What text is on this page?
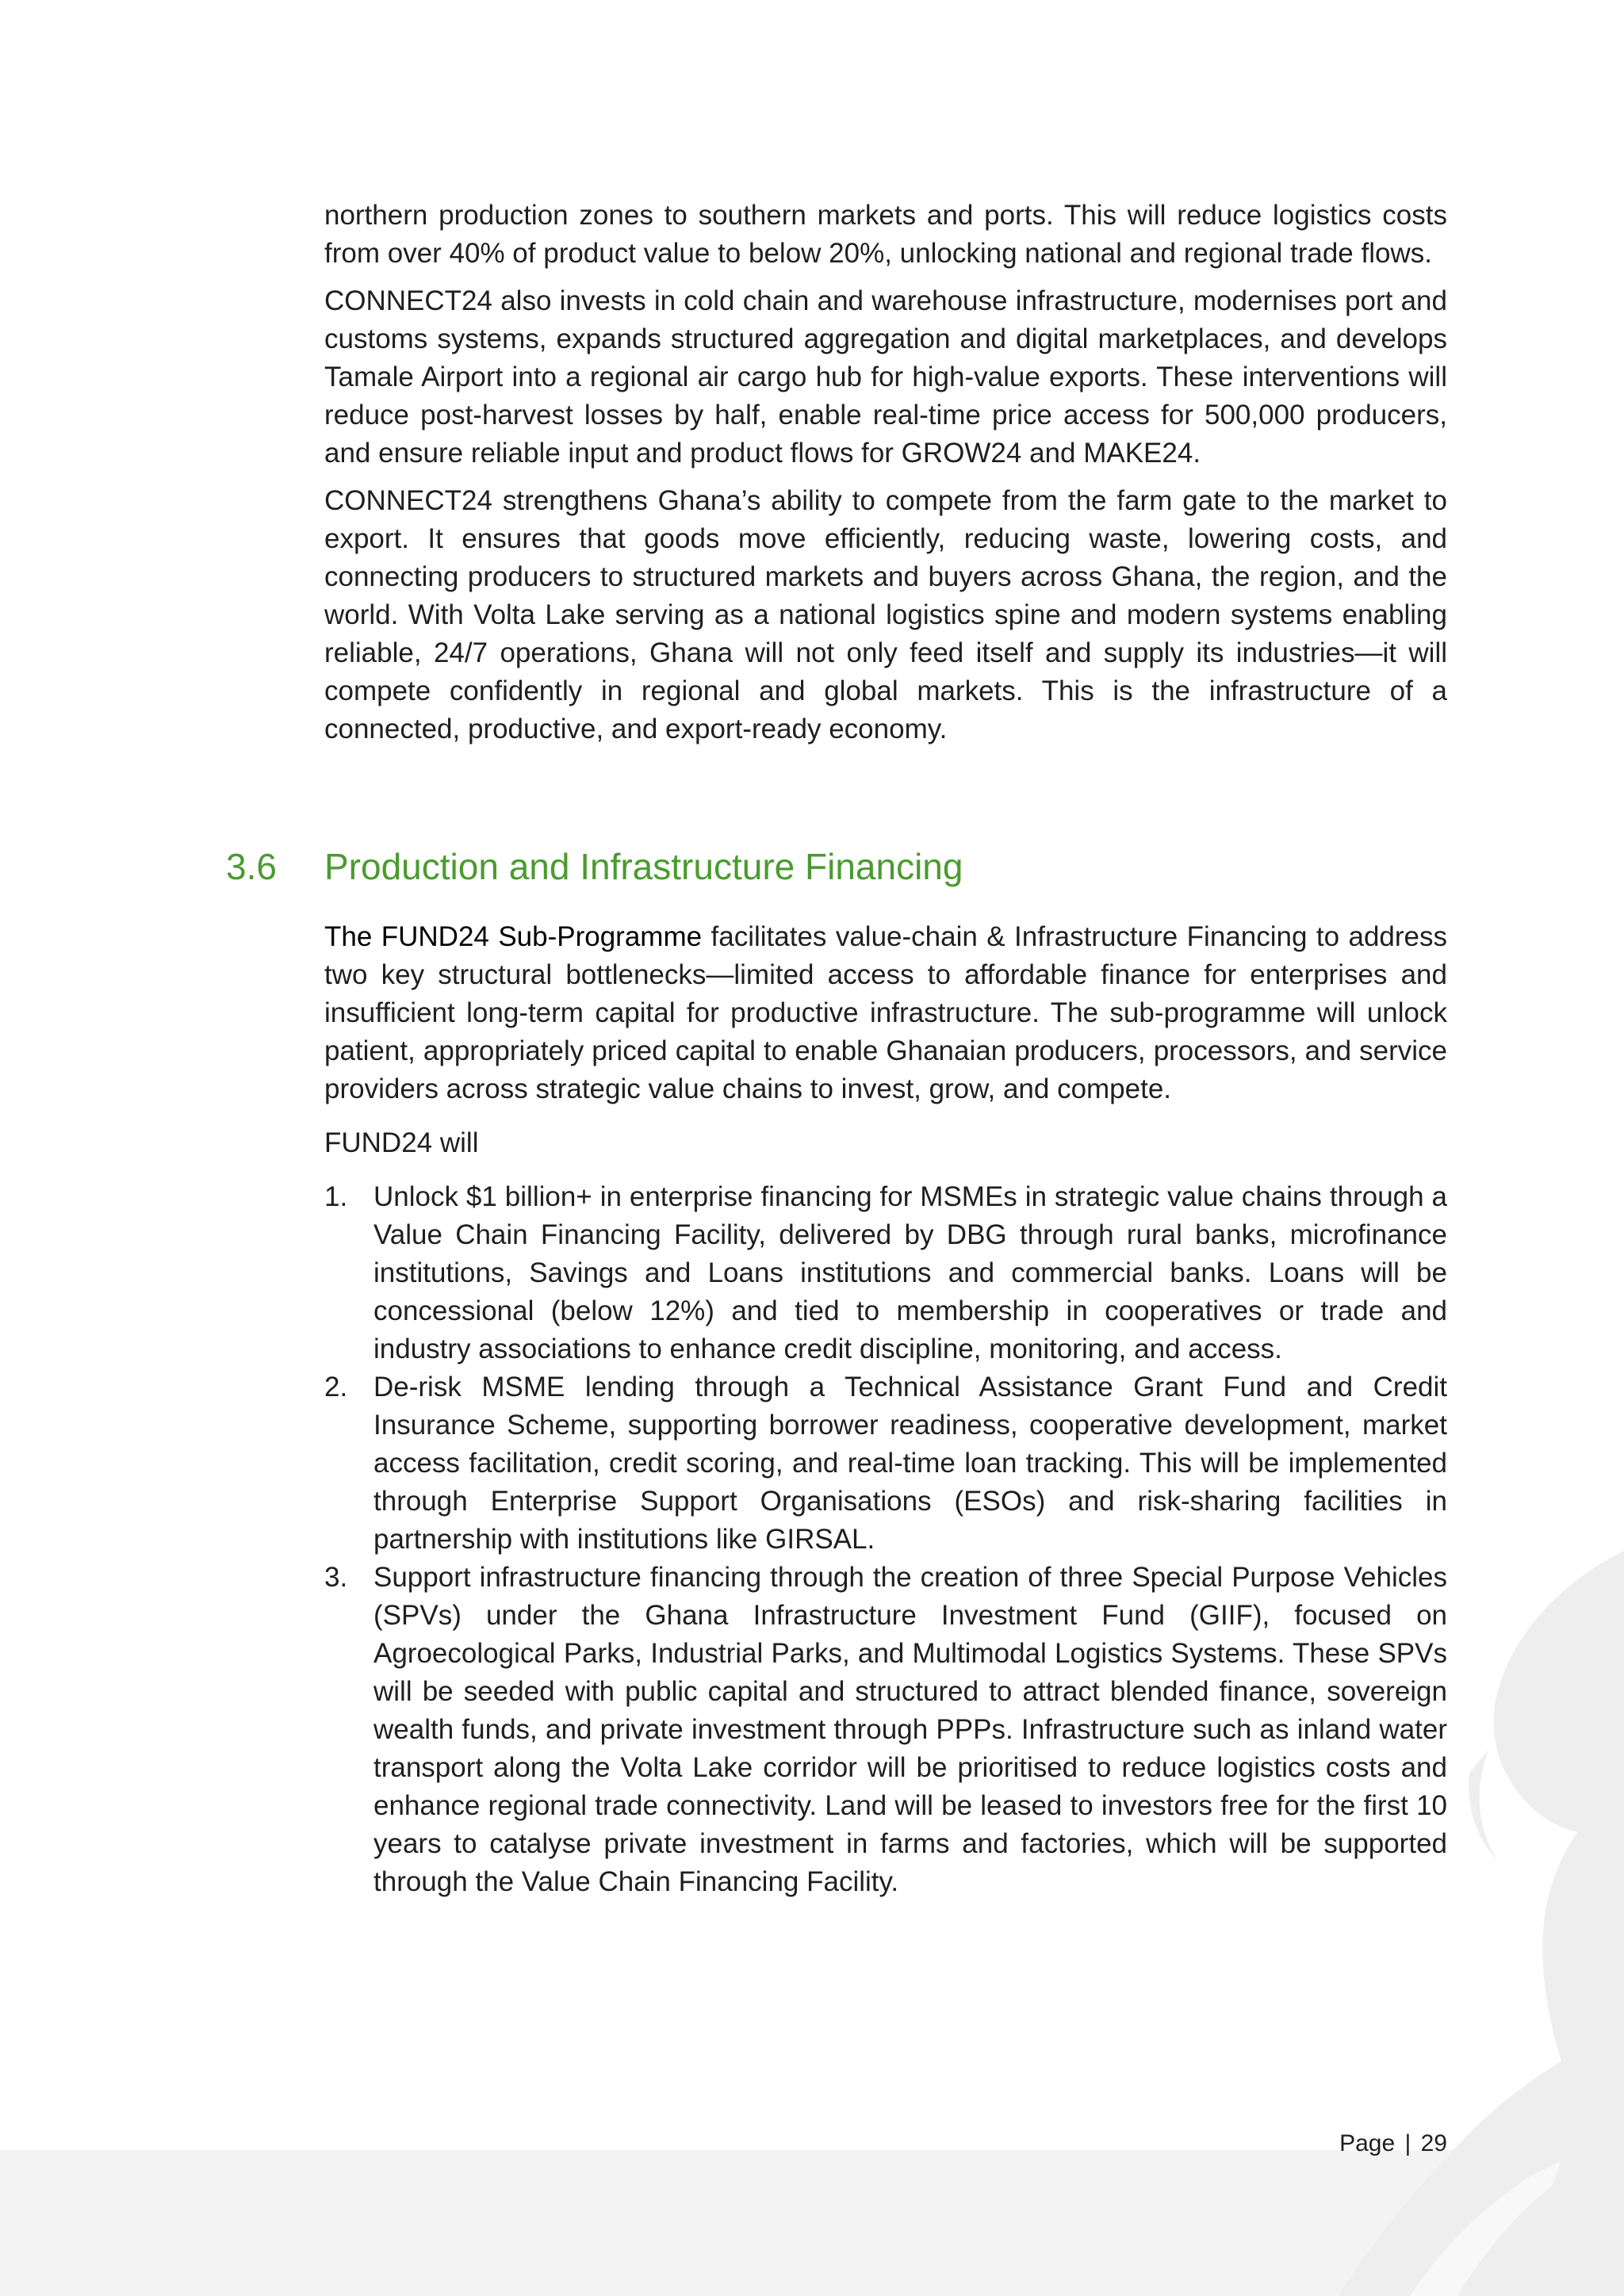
northern production zones to southern markets and ports. This will reduce logistics costs from over 40% of product value to below 20%, unlocking national and regional trade flows.

CONNECT24 also invests in cold chain and warehouse infrastructure, modernises port and customs systems, expands structured aggregation and digital marketplaces, and develops Tamale Airport into a regional air cargo hub for high-value exports. These interventions will reduce post-harvest losses by half, enable real-time price access for 500,000 producers, and ensure reliable input and product flows for GROW24 and MAKE24.

CONNECT24 strengthens Ghana’s ability to compete from the farm gate to the market to export. It ensures that goods move efficiently, reducing waste, lowering costs, and connecting producers to structured markets and buyers across Ghana, the region, and the world. With Volta Lake serving as a national logistics spine and modern systems enabling reliable, 24/7 operations, Ghana will not only feed itself and supply its industries—it will compete confidently in regional and global markets. This is the infrastructure of a connected, productive, and export-ready economy.

3.6 Production and Infrastructure Financing

The FUND24 Sub-Programme facilitates value-chain & Infrastructure Financing to address two key structural bottlenecks—limited access to affordable finance for enterprises and insufficient long-term capital for productive infrastructure. The sub-programme will unlock patient, appropriately priced capital to enable Ghanaian producers, processors, and service providers across strategic value chains to invest, grow, and compete.

FUND24 will

1. Unlock $1 billion+ in enterprise financing for MSMEs in strategic value chains through a Value Chain Financing Facility, delivered by DBG through rural banks, microfinance institutions, Savings and Loans institutions and commercial banks. Loans will be concessional (below 12%) and tied to membership in cooperatives or trade and industry associations to enhance credit discipline, monitoring, and access.
2. De-risk MSME lending through a Technical Assistance Grant Fund and Credit Insurance Scheme, supporting borrower readiness, cooperative development, market access facilitation, credit scoring, and real-time loan tracking. This will be implemented through Enterprise Support Organisations (ESOs) and risk-sharing facilities in partnership with institutions like GIRSAL.
3. Support infrastructure financing through the creation of three Special Purpose Vehicles (SPVs) under the Ghana Infrastructure Investment Fund (GIIF), focused on Agroecological Parks, Industrial Parks, and Multimodal Logistics Systems. These SPVs will be seeded with public capital and structured to attract blended finance, sovereign wealth funds, and private investment through PPPs. Infrastructure such as inland water transport along the Volta Lake corridor will be prioritised to reduce logistics costs and enhance regional trade connectivity. Land will be leased to investors free for the first 10 years to catalyse private investment in farms and factories, which will be supported through the Value Chain Financing Facility.
Page | 29
